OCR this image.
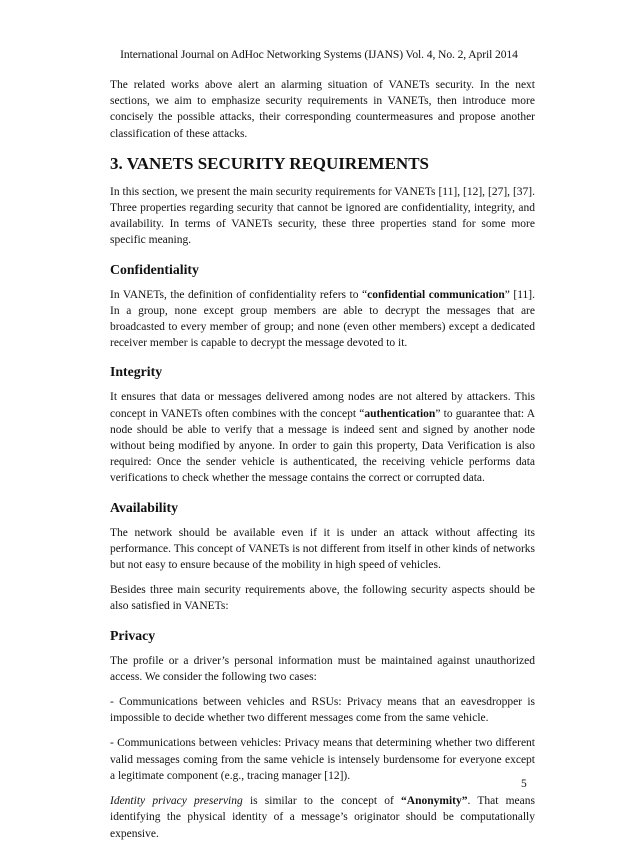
International Journal on AdHoc Networking Systems (IJANS) Vol. 4, No. 2, April 2014

The related works above alert an alarming situation of VANETs security. In the next sections, we aim to emphasize security requirements in VANETs, then introduce more concisely the possible attacks, their corresponding countermeasures and propose another classification of these attacks.

3. VANETS SECURITY REQUIREMENTS

In this section, we present the main security requirements for VANETs [11], [12], [27], [37]. Three properties regarding security that cannot be ignored are confidentiality, integrity, and availability. In terms of VANETs security, these three properties stand for some more specific meaning.

Confidentiality

In VANETs, the definition of confidentiality refers to “confidential communication” [11]. In a group, none except group members are able to decrypt the messages that are broadcasted to every member of group; and none (even other members) except a dedicated receiver member is capable to decrypt the message devoted to it.

Integrity

It ensures that data or messages delivered among nodes are not altered by attackers. This concept in VANETs often combines with the concept “authentication” to guarantee that: A node should be able to verify that a message is indeed sent and signed by another node without being modified by anyone. In order to gain this property, Data Verification is also required: Once the sender vehicle is authenticated, the receiving vehicle performs data verifications to check whether the message contains the correct or corrupted data.

Availability

The network should be available even if it is under an attack without affecting its performance. This concept of VANETs is not different from itself in other kinds of networks but not easy to ensure because of the mobility in high speed of vehicles.

Besides three main security requirements above, the following security aspects should be also satisfied in VANETs:

Privacy

The profile or a driver’s personal information must be maintained against unauthorized access. We consider the following two cases:

- Communications between vehicles and RSUs: Privacy means that an eavesdropper is impossible to decide whether two different messages come from the same vehicle.

- Communications between vehicles: Privacy means that determining whether two different valid messages coming from the same vehicle is intensely burdensome for everyone except a legitimate component (e.g., tracing manager [12]).

Identity privacy preserving is similar to the concept of “Anonymity”. That means identifying the physical identity of a message’s originator should be computationally expensive.

5
